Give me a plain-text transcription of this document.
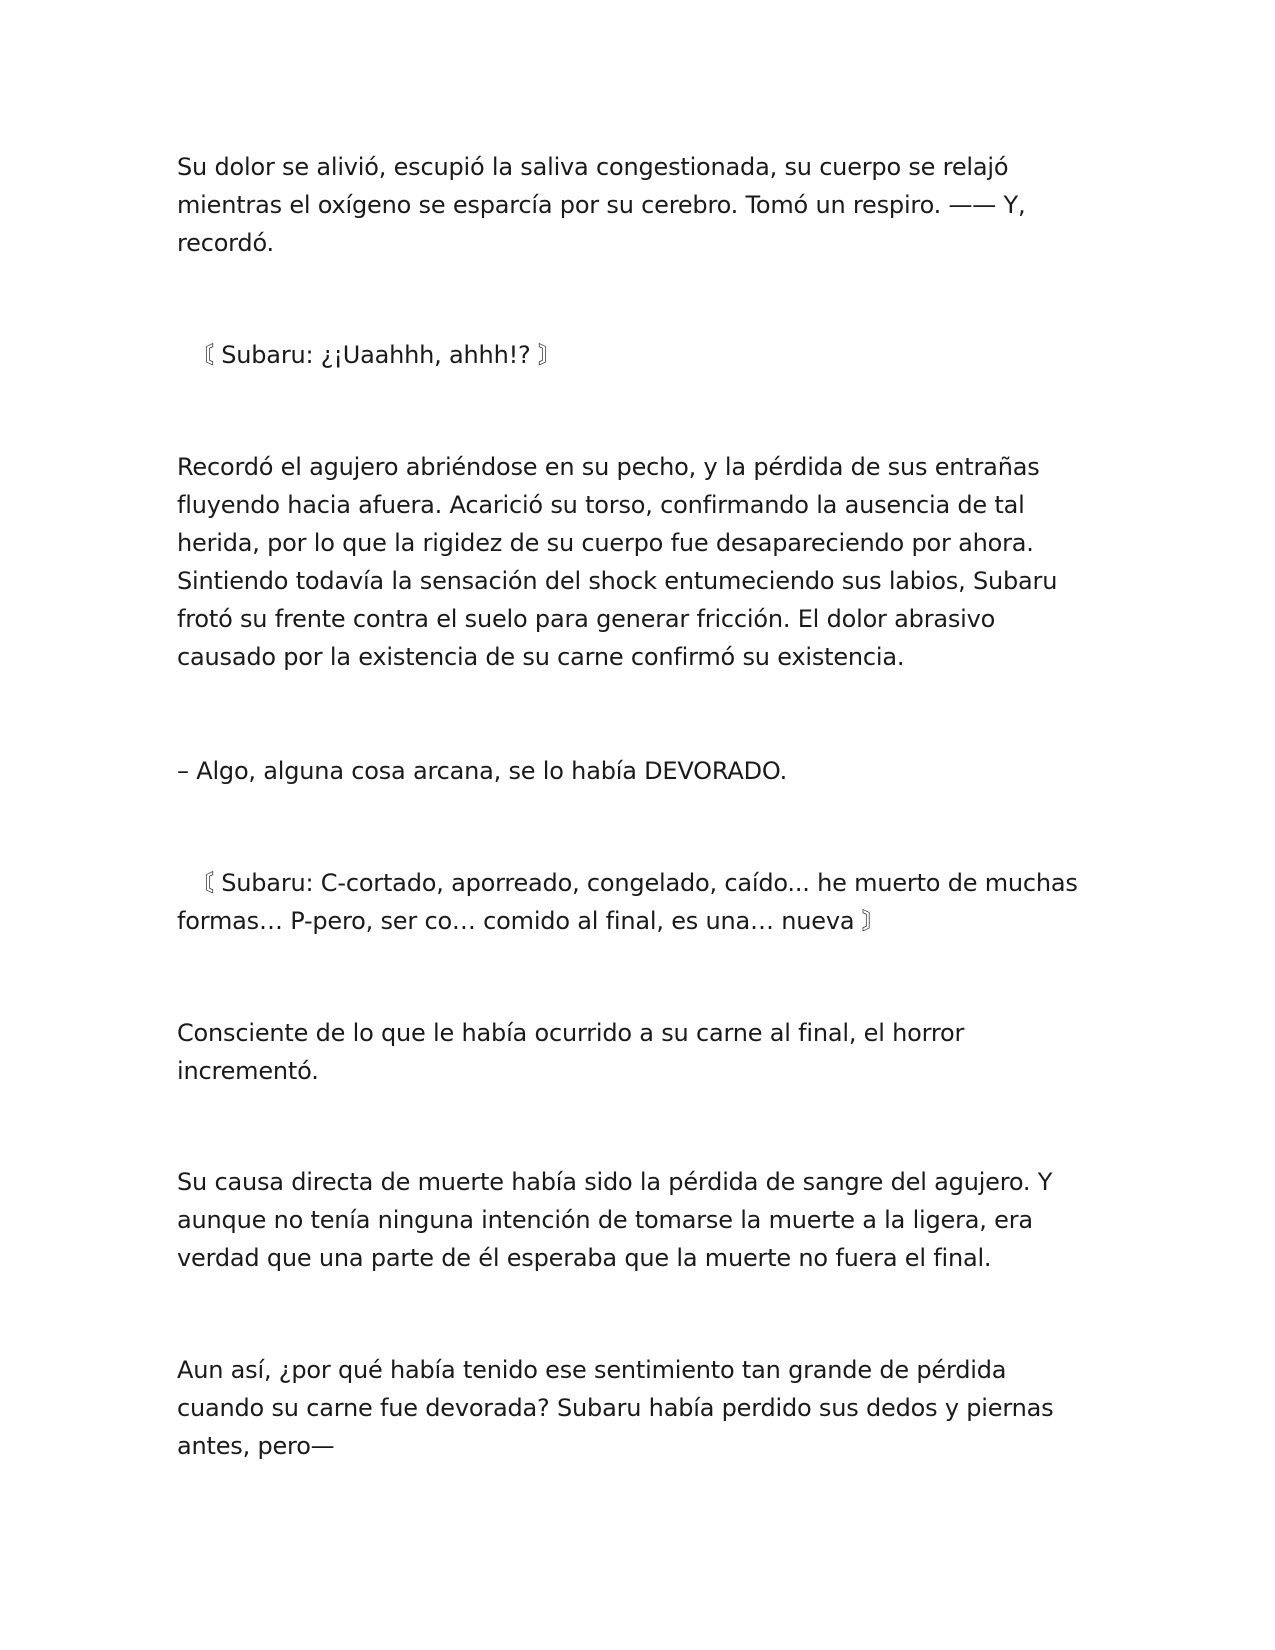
Su dolor se alivió, escupió la saliva congestionada, su cuerpo se relajó mientras el oxígeno se esparcía por su cerebro. Tomó un respiro. —— Y, recordó.

〘 Subaru: ¿¡Uaahhh, ahhh!? 〙

Recordó el agujero abriéndose en su pecho, y la pérdida de sus entrañas fluyendo hacia afuera. Acarició su torso, confirmando la ausencia de tal herida, por lo que la rigidez de su cuerpo fue desapareciendo por ahora. Sintiendo todavía la sensación del shock entumeciendo sus labios, Subaru frotó su frente contra el suelo para generar fricción. El dolor abrasivo causado por la existencia de su carne confirmó su existencia.

– Algo, alguna cosa arcana, se lo había DEVORADO.

〘 Subaru: C-cortado, aporreado, congelado, caído... he muerto de muchas
formas… P-pero, ser co… comido al final, es una… nueva 〙

Consciente de lo que le había ocurrido a su carne al final, el horror incrementó.

Su causa directa de muerte había sido la pérdida de sangre del agujero. Y aunque no tenía ninguna intención de tomarse la muerte a la ligera, era verdad que una parte de él esperaba que la muerte no fuera el final.

Aun así, ¿por qué había tenido ese sentimiento tan grande de pérdida cuando su carne fue devorada? Subaru había perdido sus dedos y piernas antes, pero—
